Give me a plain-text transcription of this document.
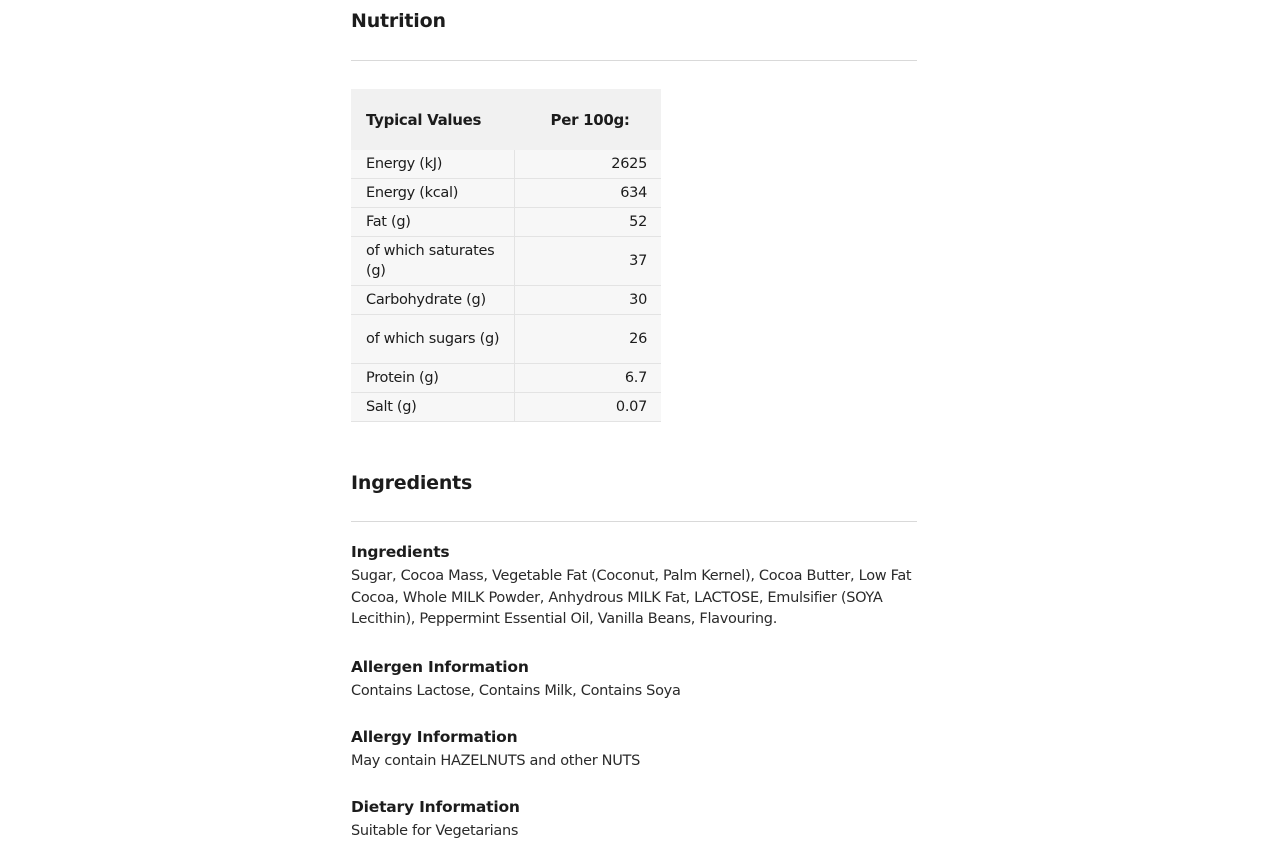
Nutrition
Typical Values	Per 100g:
Energy (kJ)	2625
Energy (kcal)	634
Fat (g)	52
of which saturates (g)	37
Carbohydrate (g)	30
of which sugars (g)	26
Protein (g)	6.7
Salt (g)	0.07
Ingredients
Ingredients

Sugar, Cocoa Mass, Vegetable Fat (Coconut, Palm Kernel), Cocoa Butter, Low Fat Cocoa, Whole MILK Powder, Anhydrous MILK Fat, LACTOSE, Emulsifier (SOYA Lecithin), Peppermint Essential Oil, Vanilla Beans, Flavouring.

Allergen Information

Contains Lactose, Contains Milk, Contains Soya

Allergy Information

May contain HAZELNUTS and other NUTS

Dietary Information

Suitable for Vegetarians
